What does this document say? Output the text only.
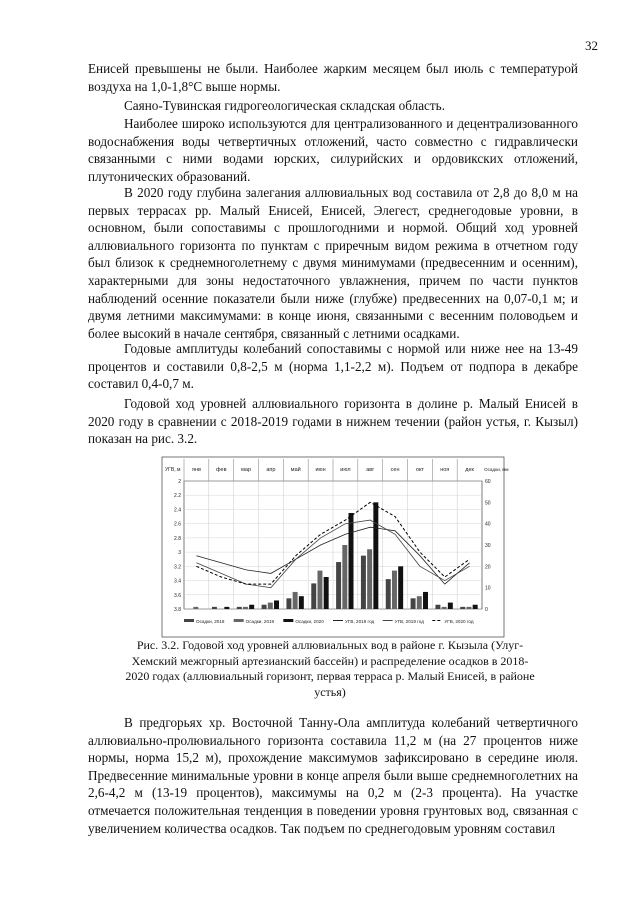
32

Енисей превышены не были. Наиболее жарким месяцем был июль с температурой воздуха на 1,0-1,8°С выше нормы.

Саяно-Тувинская гидрогеологическая складская область.

Наиболее широко используются для централизованного и децентрализованного водоснабжения воды четвертичных отложений, часто совместно с гидравлически связанными с ними водами юрских, силурийских и ордовикских отложений, плутонических образований.

В 2020 году глубина залегания аллювиальных вод составила от 2,8 до 8,0 м на первых террасах рр. Малый Енисей, Енисей, Элегест, среднегодовые уровни, в основном, были сопоставимы с прошлогодними и нормой. Общий ход уровней аллювиального горизонта по пунктам с приречным видом режима в отчетном году был близок к среднемноголетнему с двумя минимумами (предвесенним и осенним), характерными для зоны недостаточного увлажнения, причем по части пунктов наблюдений осенние показатели были ниже (глубже) предвесенних на 0,07-0,1 м; и двумя летними максимумами: в конце июня, связанными с весенним половодьем и более высокий в начале сентября, связанный с летними осадками.

Годовые амплитуды колебаний сопоставимы с нормой или ниже нее на 13-49 процентов и составили 0,8-2,5 м (норма 1,1-2,2 м). Подъем от подпора в декабре составил 0,4-0,7 м.

Годовой ход уровней аллювиального горизонта в долине р. Малый Енисей в 2020 году в сравнении с 2018-2019 годами в нижнем течении (район устья, г. Кызыл) показан на рис. 3.2.

янв	фев	мар	апр	май	июн	июл	авг	сен	окт	ноя	дек
УГВ, м	Осадки, мм
2
2.2
2.4
2.6
2.8
3
3.2
3.4
3.6
3.8	0
10
20
30
40
50
60
Осадки, 2018	Осадки, 2019	Осадки, 2020	УГВ, 2018 год	УГВ, 2019 год	УГВ, 2020 год

Рис. 3.2. Годовой ход уровней аллювиальных вод в районе г. Кызыла (Улуг-Хемский межгорный артезианский бассейн) и распределение осадков в 2018-2020 годах (аллювиальный горизонт, первая терраса р. Малый Енисей, в районе устья)

В предгорьях хр. Восточной Танну-Ола амплитуда колебаний четвертичного аллювиально-пролювиального горизонта составила 11,2 м (на 27 процентов ниже нормы, норма 15,2 м), прохождение максимумов зафиксировано в середине июля. Предвесенние минимальные уровни в конце апреля были выше среднемноголетних на 2,6-4,2 м (13-19 процентов), максимумы на 0,2 м (2-3 процента). На участке отмечается положительная тенденция в поведении уровня грунтовых вод, связанная с увеличением количества осадков. Так подъем по среднегодовым уровням составил
